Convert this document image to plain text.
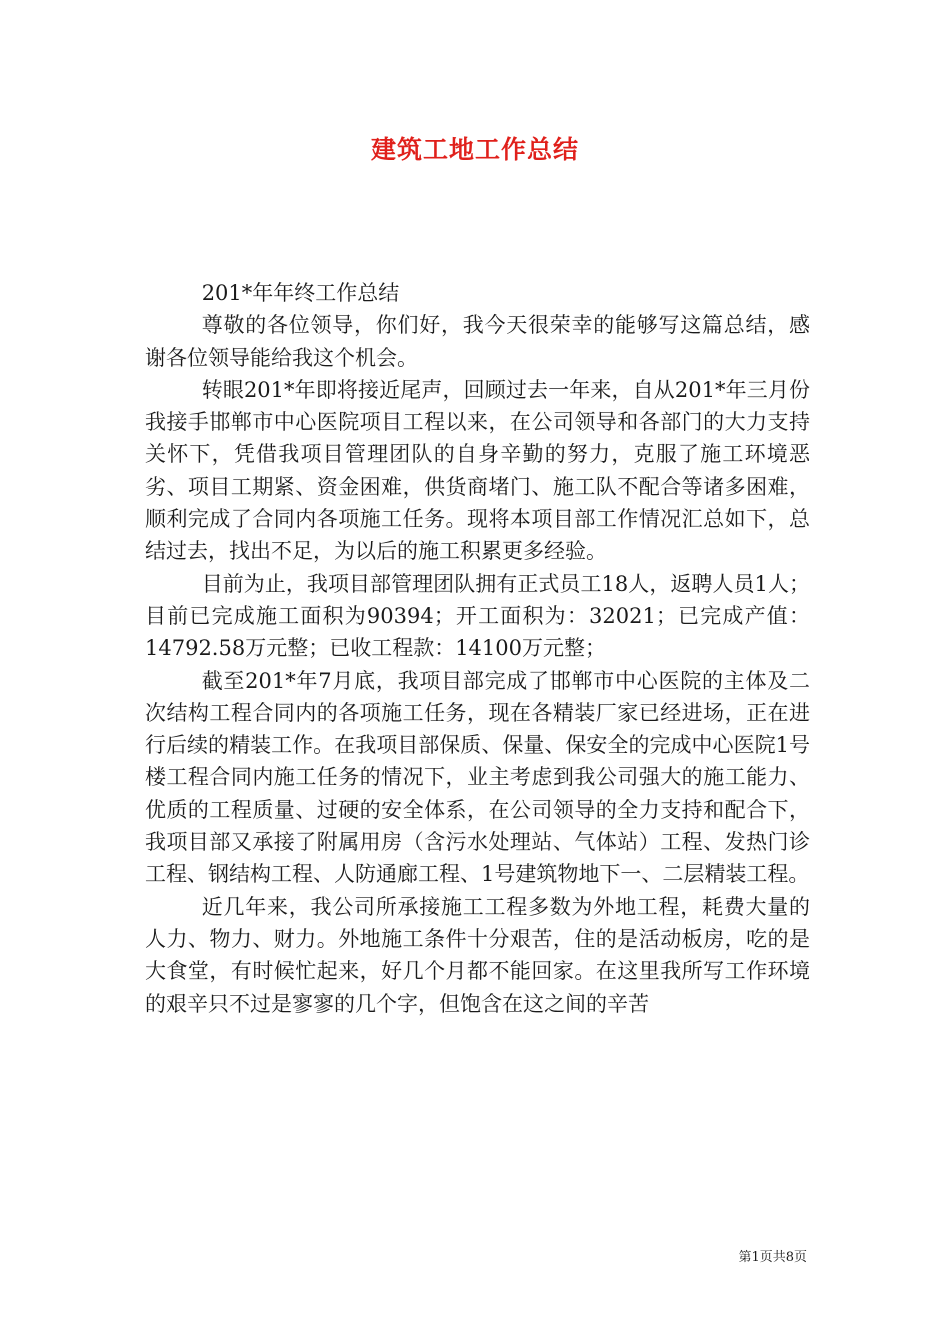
建筑工地工作总结

201*年年终工作总结

尊敬的各位领导，你们好，我今天很荣幸的能够写这篇总结，感谢各位领导能给我这个机会。

转眼201*年即将接近尾声，回顾过去一年来，自从201*年三月份我接手邯郸市中心医院项目工程以来，在公司领导和各部门的大力支持关怀下，凭借我项目管理团队的自身辛勤的努力，克服了施工环境恶劣、项目工期紧、资金困难，供货商堵门、施工队不配合等诸多困难，顺利完成了合同内各项施工任务。现将本项目部工作情况汇总如下，总结过去，找出不足，为以后的施工积累更多经验。

目前为止，我项目部管理团队拥有正式员工18人，返聘人员1人；目前已完成施工面积为90394；开工面积为：32021；已完成产值：14792.58万元整；已收工程款：14100万元整；

截至201*年7月底，我项目部完成了邯郸市中心医院的主体及二次结构工程合同内的各项施工任务，现在各精装厂家已经进场，正在进行后续的精装工作。在我项目部保质、保量、保安全的完成中心医院1号楼工程合同内施工任务的情况下，业主考虑到我公司强大的施工能力、优质的工程质量、过硬的安全体系，在公司领导的全力支持和配合下，我项目部又承接了附属用房（含污水处理站、气体站）工程、发热门诊工程、钢结构工程、人防通廊工程、1号建筑物地下一、二层精装工程。

近几年来，我公司所承接施工工程多数为外地工程，耗费大量的人力、物力、财力。外地施工条件十分艰苦，住的是活动板房，吃的是大食堂，有时候忙起来，好几个月都不能回家。在这里我所写工作环境的艰辛只不过是寥寥的几个字，但饱含在这之间的辛苦

第1页共8页
